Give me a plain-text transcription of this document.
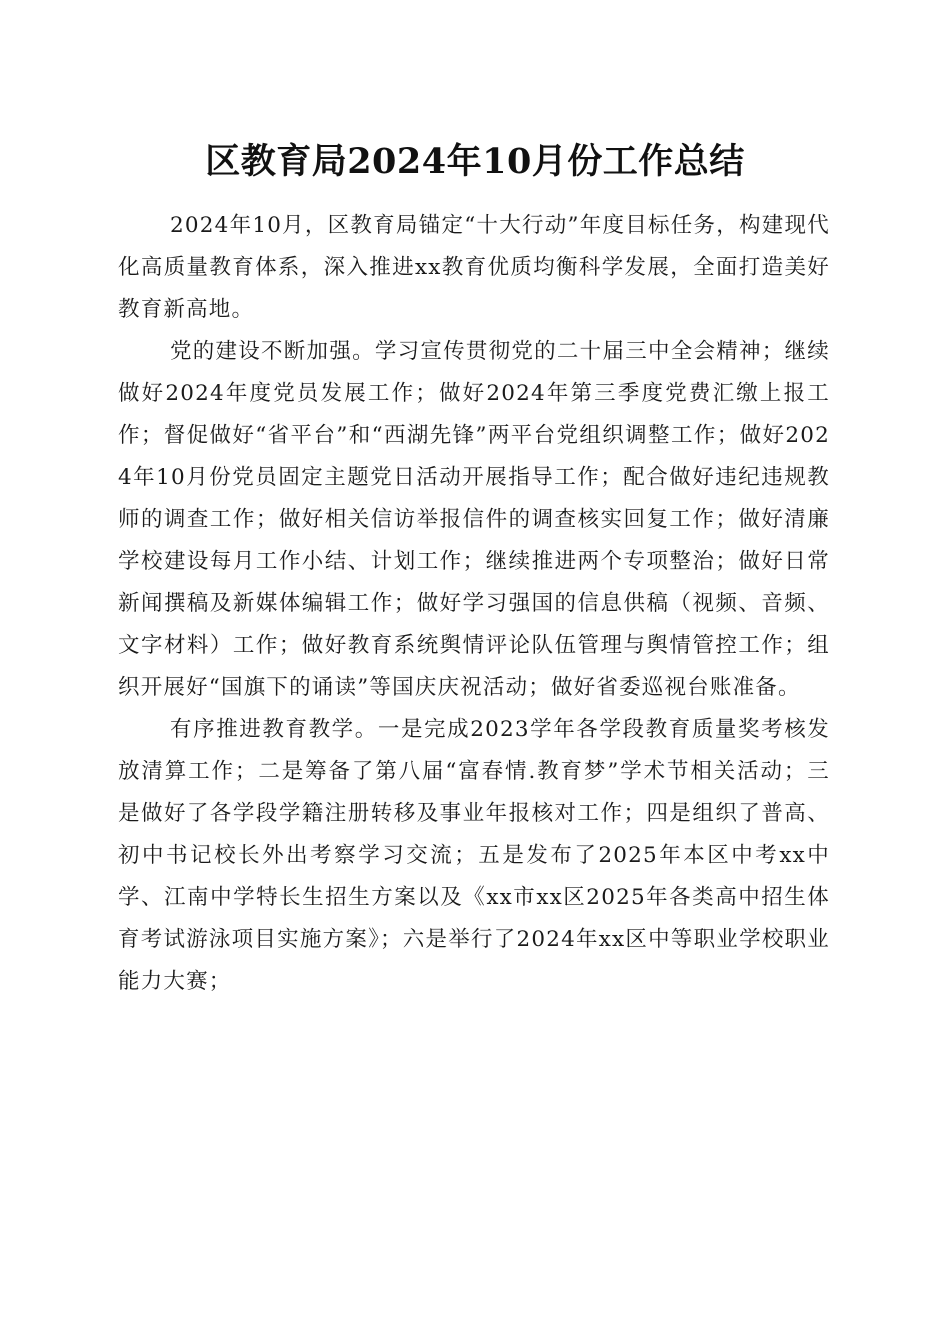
区教育局2024年10月份工作总结

2024年10月，区教育局锚定“十大行动”年度目标任务，构建现代化高质量教育体系，深入推进xx教育优质均衡科学发展，全面打造美好教育新高地。

党的建设不断加强。学习宣传贯彻党的二十届三中全会精神；继续做好2024年度党员发展工作；做好2024年第三季度党费汇缴上报工作；督促做好“省平台”和“西湖先锋”两平台党组织调整工作；做好2024年10月份党员固定主题党日活动开展指导工作；配合做好违纪违规教师的调查工作；做好相关信访举报信件的调查核实回复工作；做好清廉学校建设每月工作小结、计划工作；继续推进两个专项整治；做好日常新闻撰稿及新媒体编辑工作；做好学习强国的信息供稿（视频、音频、文字材料）工作；做好教育系统舆情评论队伍管理与舆情管控工作；组织开展好“国旗下的诵读”等国庆庆祝活动；做好省委巡视台账准备。

有序推进教育教学。一是完成2023学年各学段教育质量奖考核发放清算工作；二是筹备了第八届“富春情.教育梦”学术节相关活动；三是做好了各学段学籍注册转移及事业年报核对工作；四是组织了普高、初中书记校长外出考察学习交流；五是发布了2025年本区中考xx中学、江南中学特长生招生方案以及《xx市xx区2025年各类高中招生体育考试游泳项目实施方案》；六是举行了2024年xx区中等职业学校职业能力大赛；
